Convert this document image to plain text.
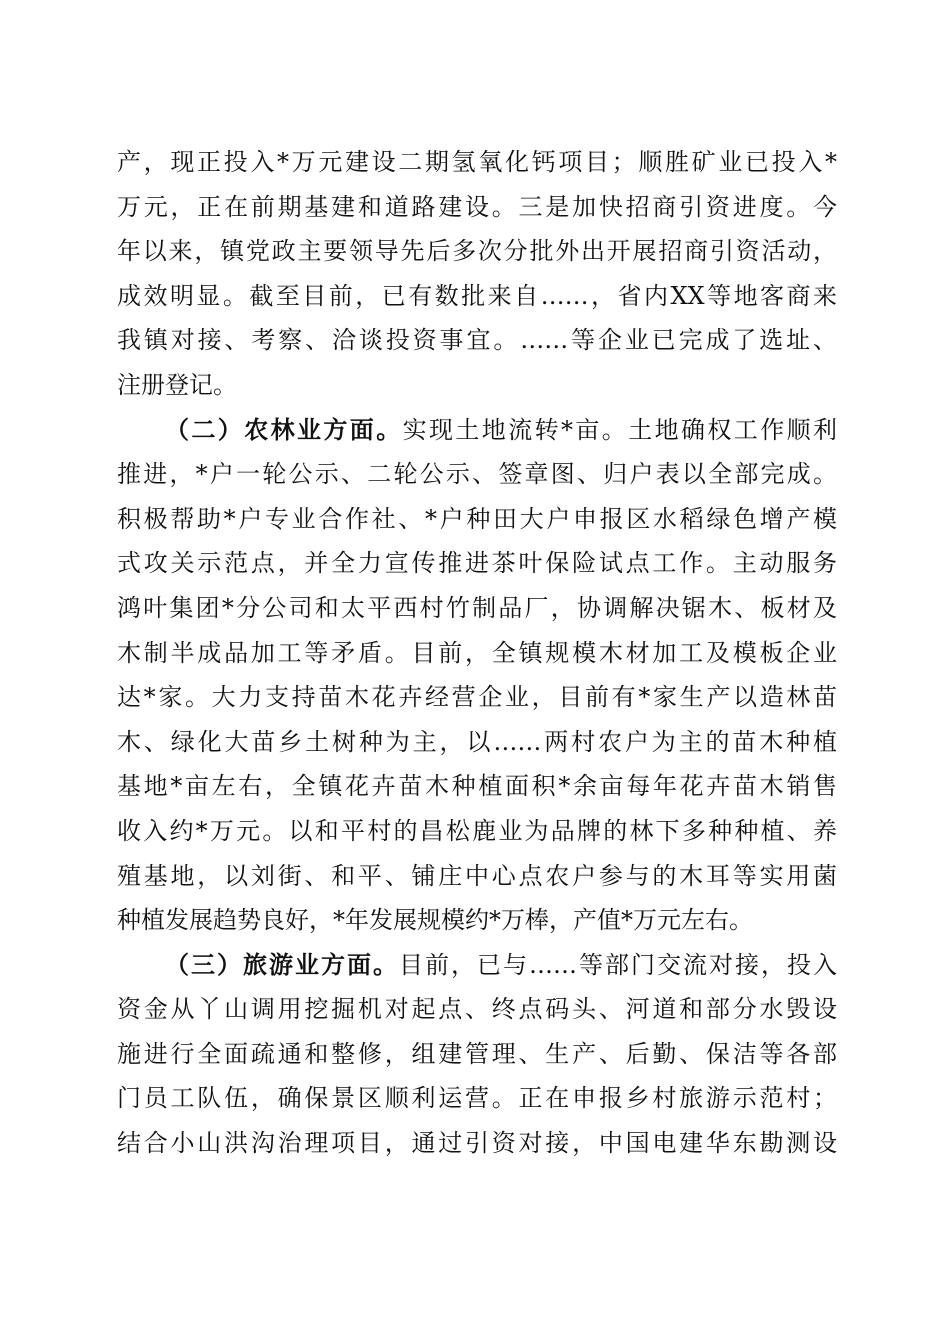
产，现正投入*万元建设二期氢氧化钙项目；顺胜矿业已投入*
万元，正在前期基建和道路建设。三是加快招商引资进度。今
年以来，镇党政主要领导先后多次分批外出开展招商引资活动，
成效明显。截至目前，已有数批来自……，省内XX等地客商来
我镇对接、考察、洽谈投资事宜。……等企业已完成了选址、
注册登记。
（二）农林业方面。实现土地流转*亩。土地确权工作顺利
推进，*户一轮公示、二轮公示、签章图、归户表以全部完成。
积极帮助*户专业合作社、*户种田大户申报区水稻绿色增产模
式攻关示范点，并全力宣传推进茶叶保险试点工作。主动服务
鸿叶集团*分公司和太平西村竹制品厂，协调解决锯木、板材及
木制半成品加工等矛盾。目前，全镇规模木材加工及模板企业
达*家。大力支持苗木花卉经营企业，目前有*家生产以造林苗
木、绿化大苗乡土树种为主，以……两村农户为主的苗木种植
基地*亩左右，全镇花卉苗木种植面积*余亩每年花卉苗木销售
收入约*万元。以和平村的昌松鹿业为品牌的林下多种种植、养
殖基地，以刘街、和平、铺庄中心点农户参与的木耳等实用菌
种植发展趋势良好，*年发展规模约*万棒，产值*万元左右。
（三）旅游业方面。目前，已与……等部门交流对接，投入
资金从丫山调用挖掘机对起点、终点码头、河道和部分水毁设
施进行全面疏通和整修，组建管理、生产、后勤、保洁等各部
门员工队伍，确保景区顺利运营。正在申报乡村旅游示范村；
结合小山洪沟治理项目，通过引资对接，中国电建华东勘测设
